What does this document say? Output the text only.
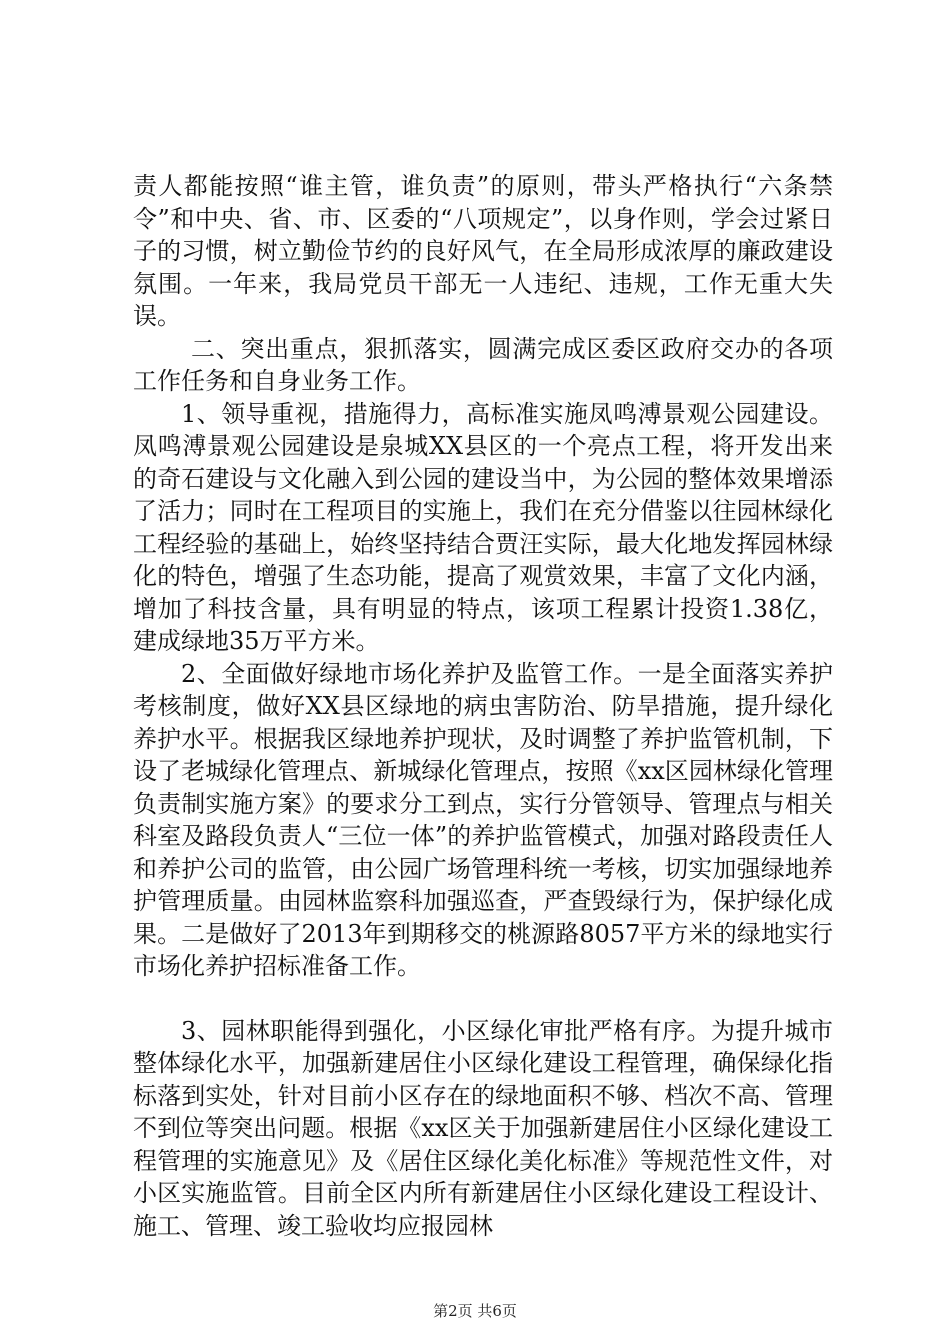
责人都能按照“谁主管，谁负责”的原则，带头严格执行“六条禁令”和中央、省、市、区委的“八项规定”，以身作则，学会过紧日子的习惯，树立勤俭节约的良好风气，在全局形成浓厚的廉政建设氛围。一年来，我局党员干部无一人违纪、违规，工作无重大失误。

二、突出重点，狠抓落实，圆满完成区委区政府交办的各项工作任务和自身业务工作。

1、领导重视，措施得力，高标准实施凤鸣溥景观公园建设。凤鸣溥景观公园建设是泉城XX县区的一个亮点工程，将开发出来的奇石建设与文化融入到公园的建设当中，为公园的整体效果增添了活力；同时在工程项目的实施上，我们在充分借鉴以往园林绿化工程经验的基础上，始终坚持结合贾汪实际，最大化地发挥园林绿化的特色，增强了生态功能，提高了观赏效果，丰富了文化内涵，增加了科技含量，具有明显的特点，该项工程累计投资1.38亿，建成绿地35万平方米。

2、全面做好绿地市场化养护及监管工作。一是全面落实养护考核制度，做好XX县区绿地的病虫害防治、防旱措施，提升绿化养护水平。根据我区绿地养护现状，及时调整了养护监管机制，下设了老城绿化管理点、新城绿化管理点，按照《xx区园林绿化管理负责制实施方案》的要求分工到点，实行分管领导、管理点与相关科室及路段负责人“三位一体”的养护监管模式，加强对路段责任人和养护公司的监管，由公园广场管理科统一考核，切实加强绿地养护管理质量。由园林监察科加强巡查，严查毁绿行为，保护绿化成果。二是做好了2013年到期移交的桃源路8057平方米的绿地实行市场化养护招标准备工作。

3、园林职能得到强化，小区绿化审批严格有序。为提升城市整体绿化水平，加强新建居住小区绿化建设工程管理，确保绿化指标落到实处，针对目前小区存在的绿地面积不够、档次不高、管理不到位等突出问题。根据《xx区关于加强新建居住小区绿化建设工程管理的实施意见》及《居住区绿化美化标准》等规范性文件，对小区实施监管。目前全区内所有新建居住小区绿化建设工程设计、施工、管理、竣工验收均应报园林

第2页 共6页
